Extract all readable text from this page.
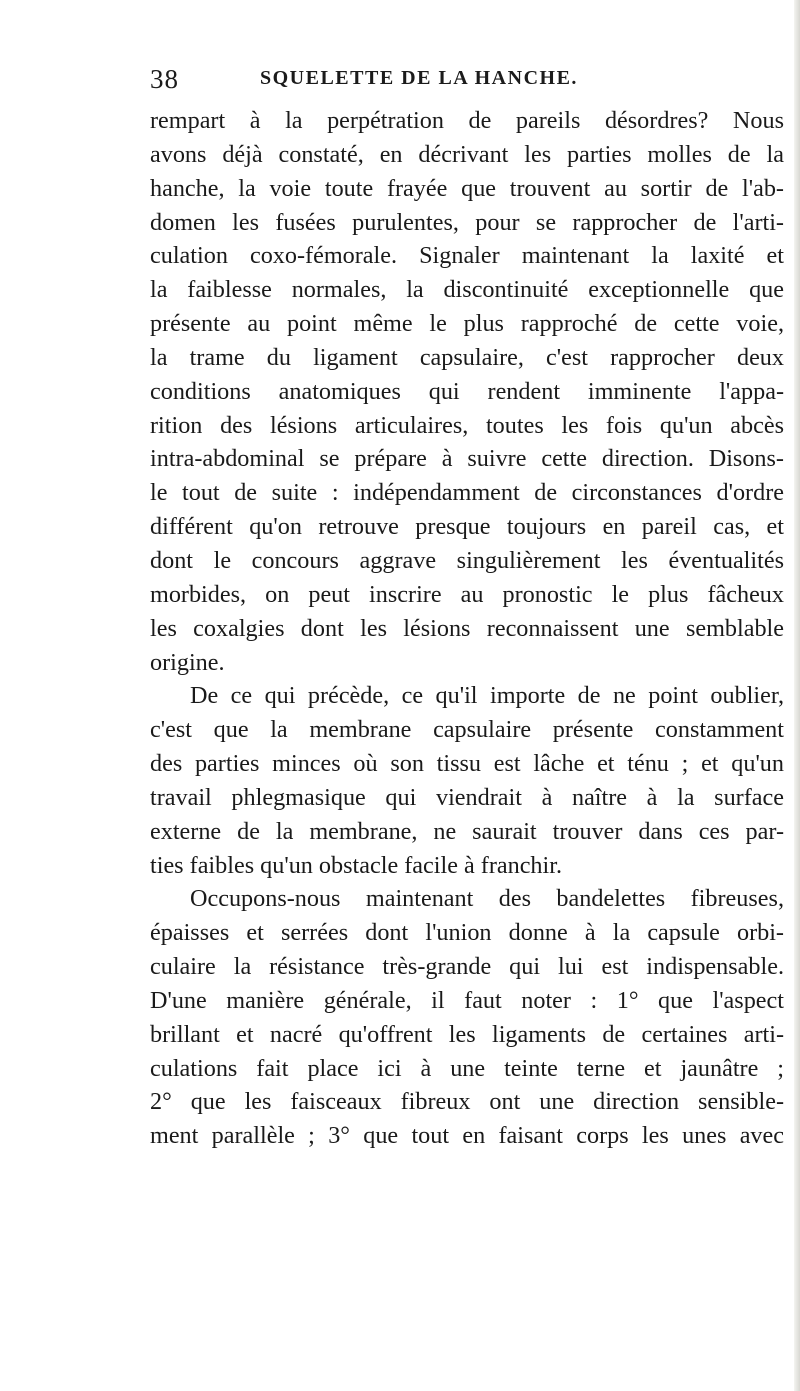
38	SQUELETTE DE LA HANCHE.
rempart à la perpétration de pareils désordres? Nous
avons déjà constaté, en décrivant les parties molles de la
hanche, la voie toute frayée que trouvent au sortir de l'ab-
domen les fusées purulentes, pour se rapprocher de l'arti-
culation coxo-fémorale. Signaler maintenant la laxité et
la faiblesse normales, la discontinuité exceptionnelle que
présente au point même le plus rapproché de cette voie,
la trame du ligament capsulaire, c'est rapprocher deux
conditions anatomiques qui rendent imminente l'appa-
rition des lésions articulaires, toutes les fois qu'un abcès
intra-abdominal se prépare à suivre cette direction. Disons-
le tout de suite : indépendamment de circonstances d'ordre
différent qu'on retrouve presque toujours en pareil cas, et
dont le concours aggrave singulièrement les éventualités
morbides, on peut inscrire au pronostic le plus fâcheux
les coxalgies dont les lésions reconnaissent une semblable
origine.
De ce qui précède, ce qu'il importe de ne point oublier,
c'est que la membrane capsulaire présente constamment
des parties minces où son tissu est lâche et ténu ; et qu'un
travail phlegmasique qui viendrait à naître à la surface
externe de la membrane, ne saurait trouver dans ces par-
ties faibles qu'un obstacle facile à franchir.
Occupons-nous maintenant des bandelettes fibreuses,
épaisses et serrées dont l'union donne à la capsule orbi-
culaire la résistance très-grande qui lui est indispensable.
D'une manière générale, il faut noter : 1° que l'aspect
brillant et nacré qu'offrent les ligaments de certaines arti-
culations fait place ici à une teinte terne et jaunâtre ;
2° que les faisceaux fibreux ont une direction sensible-
ment parallèle ; 3° que tout en faisant corps les unes avec
